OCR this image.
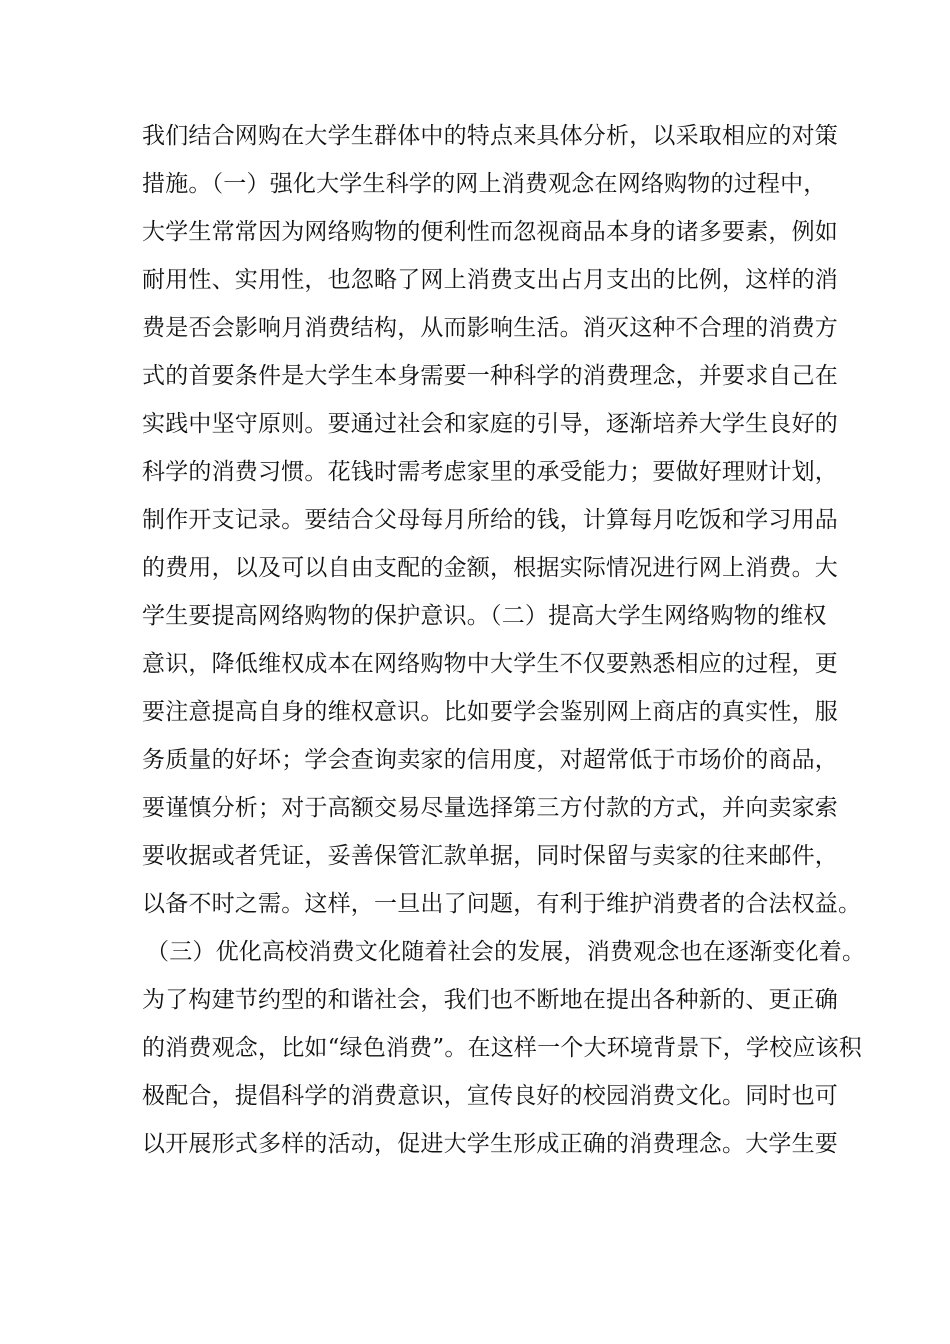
我们结合网购在大学生群体中的特点来具体分析，以采取相应的对策
措施。（一）强化大学生科学的网上消费观念在网络购物的过程中，
大学生常常因为网络购物的便利性而忽视商品本身的诸多要素，例如
耐用性、实用性，也忽略了网上消费支出占月支出的比例，这样的消
费是否会影响月消费结构，从而影响生活。消灭这种不合理的消费方
式的首要条件是大学生本身需要一种科学的消费理念，并要求自己在
实践中坚守原则。要通过社会和家庭的引导，逐渐培养大学生良好的
科学的消费习惯。花钱时需考虑家里的承受能力；要做好理财计划，
制作开支记录。要结合父母每月所给的钱，计算每月吃饭和学习用品
的费用，以及可以自由支配的金额，根据实际情况进行网上消费。大
学生要提高网络购物的保护意识。（二）提高大学生网络购物的维权
意识，降低维权成本在网络购物中大学生不仅要熟悉相应的过程，更
要注意提高自身的维权意识。比如要学会鉴别网上商店的真实性，服
务质量的好坏；学会查询卖家的信用度，对超常低于市场价的商品，
要谨慎分析；对于高额交易尽量选择第三方付款的方式，并向卖家索
要收据或者凭证，妥善保管汇款单据，同时保留与卖家的往来邮件，
以备不时之需。这样，一旦出了问题，有利于维护消费者的合法权益。
（三）优化高校消费文化随着社会的发展，消费观念也在逐渐变化着。
为了构建节约型的和谐社会，我们也不断地在提出各种新的、更正确
的消费观念，比如“绿色消费”。在这样一个大环境背景下，学校应该积
极配合，提倡科学的消费意识，宣传良好的校园消费文化。同时也可
以开展形式多样的活动，促进大学生形成正确的消费理念。大学生要
